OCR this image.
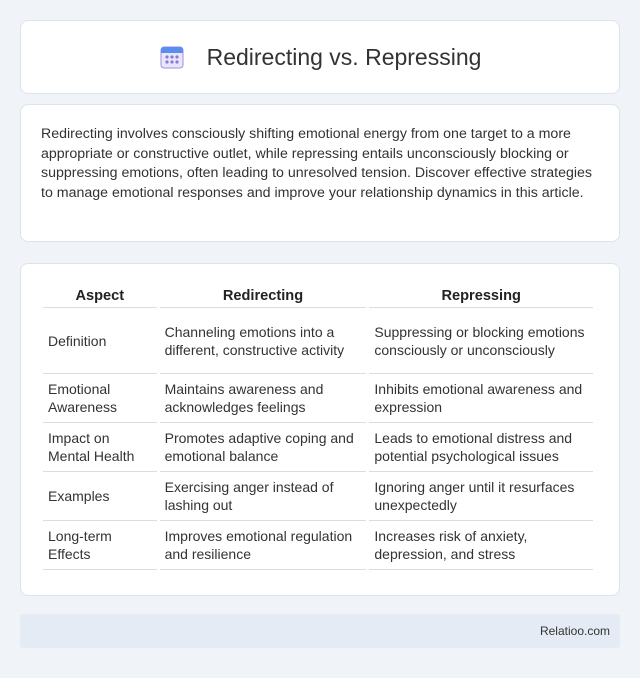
Redirecting vs. Repressing

Redirecting involves consciously shifting emotional energy from one target to a more appropriate or constructive outlet, while repressing entails unconsciously blocking or suppressing emotions, often leading to unresolved tension. Discover effective strategies to manage emotional responses and improve your relationship dynamics in this article.

Aspect	Redirecting	Repressing
Definition	Channeling emotions into a different, constructive activity	Suppressing or blocking emotions consciously or unconsciously
Emotional Awareness	Maintains awareness and acknowledges feelings	Inhibits emotional awareness and expression
Impact on Mental Health	Promotes adaptive coping and emotional balance	Leads to emotional distress and potential psychological issues
Examples	Exercising anger instead of lashing out	Ignoring anger until it resurfaces unexpectedly
Long-term Effects	Improves emotional regulation and resilience	Increases risk of anxiety, depression, and stress
Relatioo.com
